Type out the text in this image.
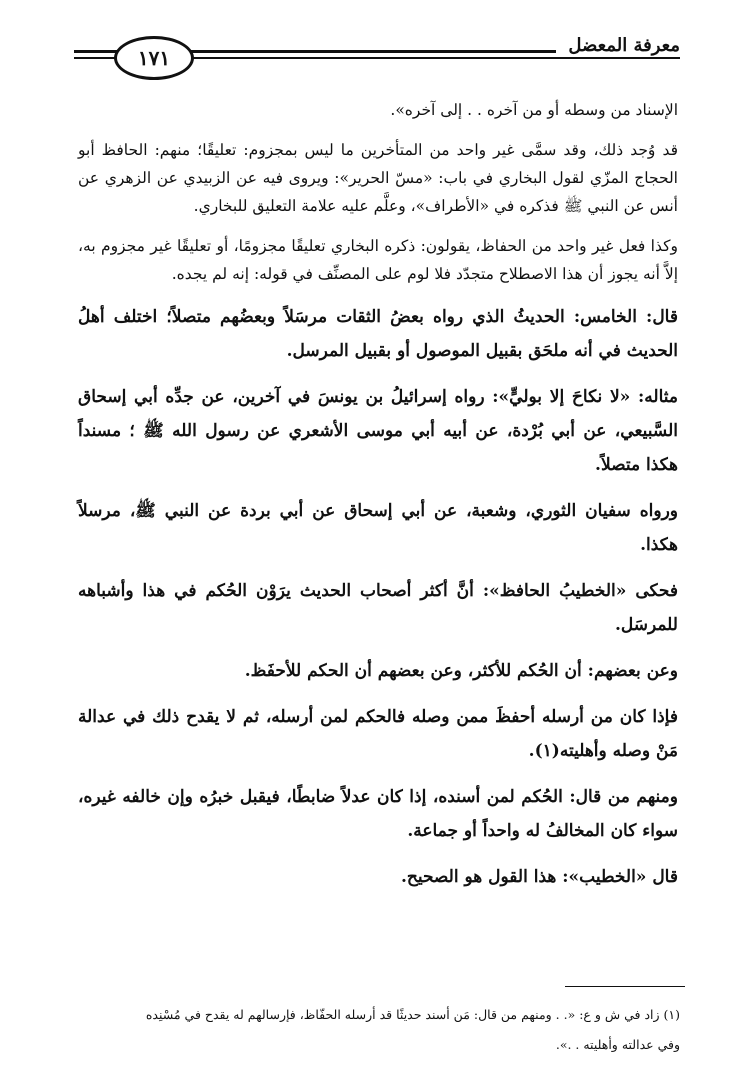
معرفة المعضل
١٧١

الإسناد من وسطه أو من آخره . . إلى آخره».

قد وُجد ذلك، وقد سمَّى غير واحد من المتأخرين ما ليس بمجزوم: تعليقًا؛ منهم: الحافظ أبو الحجاج المزّي لقول البخاري في باب: «مسّ الحرير»: ويروى فيه عن الزبيدي عن الزهري عن أنس عن النبي ﷺ فذكره في «الأطراف»، وعلَّم عليه علامة التعليق للبخاري.

وكذا فعل غير واحد من الحفاظ، يقولون: ذكره البخاري تعليقًا مجزومًا، أو تعليقًا غير مجزوم به، إلاَّ أنه يجوز أن هذا الاصطلاح متجدّد فلا لوم على المصنِّف في قوله: إنه لم يجده.

قال: الخامس: الحديثُ الذي رواه بعضُ الثقات مرسَلاً وبعضُهم متصلاً؛ اختلف أهلُ الحديث في أنه ملحَق بقبيل الموصول أو بقبيل المرسل.

مثاله: «لا نكاحَ إلا بوليٍّ»: رواه إسرائيلُ بن يونسَ في آخرين، عن جدِّه أبي إسحاق السَّبيعي، عن أبي بُرْدة، عن أبيه أبي موسى الأشعري عن رسول الله ﷺ ؛ مسنداً هكذا متصلاً.

ورواه سفيان الثوري، وشعبة، عن أبي إسحاق عن أبي بردة عن النبي ﷺ، مرسلاً هكذا.

فحكى «الخطيبُ الحافظ»: أنَّ أكثر أصحاب الحديث يرَوْن الحُكم في هذا وأشباهه للمرسَل.

وعن بعضهم: أن الحُكم للأكثر، وعن بعضهم أن الحكم للأحفَظ.

فإذا كان من أرسله أحفظَ ممن وصله فالحكم لمن أرسله، ثم لا يقدح ذلك في عدالة مَنْ وصله وأهليته(١).

ومنهم من قال: الحُكم لمن أسنده، إذا كان عدلاً ضابطًا، فيقبل خبرُه وإن خالفه غيره، سواء كان المخالفُ له واحداً أو جماعة.

قال «الخطيب»: هذا القول هو الصحيح.

(١) زاد في ش و ع: «. . ومنهم من قال: مَن أسند حديثًا قد أرسله الحفّاظ، فإرسالهم له يقدح في مُسْنِده

وفي عدالته وأهليته . .».
